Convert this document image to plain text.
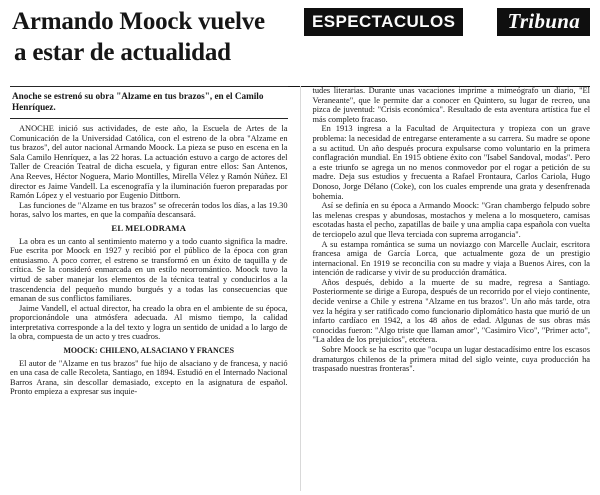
Armando Moock vuelve
a estar de actualidad
ESPECTACULOS	Tribuna

Anoche se estrenó su obra "Alzame en tus brazos", en el Camilo Henríquez.

ANOCHE inició sus actividades, de este año, la Escuela de Artes de la Comunicación de la Universidad Católica, con el estreno de la obra "Alzame en tus brazos", del autor nacional Armando Moock. La pieza se puso en escena en la Sala Camilo Henríquez, a las 22 horas. La actuación estuvo a cargo de actores del Taller de Creación Teatral de dicha escuela, y figuran entre ellos: San Antenos, Ana Reeves, Héctor Noguera, Mario Montilles, Mirella Vélez y Ramón Núñez. El director es Jaime Vandell. La escenografía y la iluminación fueron preparadas por Ramón López y el vestuario por Eugenio Dittborn.

Las funciones de "Alzame en tus brazos" se ofrecerán todos los días, a las 19.30 horas, salvo los martes, en que la compañía descansará.

EL MELODRAMA

La obra es un canto al sentimiento materno y a todo cuanto significa la madre. Fue escrita por Moock en 1927 y recibió por el público de la época con gran entusiasmo. A poco correr, el estreno se transformó en un éxito de taquilla y de crítica. Se la consideró enmarcada en un estilo neorromántico. Moock tuvo la virtud de saber manejar los elementos de la técnica teatral y conducirlos a la trascendencia del pequeño mundo burgués y a todas las consecuencias que emanan de sus conflictos familiares.

Jaime Vandell, el actual director, ha creado la obra en el ambiente de su época, proporcionándole una atmósfera adecuada. Al mismo tiempo, la calidad interpretativa corresponde a la del texto y logra un sentido de unidad a lo largo de la obra, compuesta de un acto y tres cuadros.

MOOCK: CHILENO, ALSACIANO Y FRANCES

El autor de "Alzame en tus brazos" fue hijo de alsaciano y de francesa, y nació en una casa de calle Recoleta, Santiago, en 1894. Estudió en el Internado Nacional Barros Arana, sin descollar demasiado, excepto en la asignatura de español. Pronto empieza a expresar sus inquie-

tudes literarias. Durante unas vacaciones imprime a mimeógrafo un diario, "El Veraneante", que le permite dar a conocer en Quintero, su lugar de recreo, una pizca de juventud: "Crisis económica". Resultado de esta aventura artística fue el más completo fracaso.

En 1913 ingresa a la Facultad de Arquitectura y tropieza con un grave problema: la necesidad de entregarse enteramente a su carrera. Su madre se opone a su actitud. Un año después procura expulsarse como voluntario en la primera conflagración mundial. En 1915 obtiene éxito con "Isabel Sandoval, modas". Pero a este triunfo se agrega un no menos conmovedor por el rogar a petición de su madre. Deja sus estudios y frecuenta a Rafael Frontaura, Carlos Cariola, Hugo Donoso, Jorge Délano (Coke), con los cuales emprende una grata y desenfrenada bohemia.

Así se definía en su época a Armando Moock: "Gran chambergo felpudo sobre las melenas crespas y abundosas, mostachos y melena a lo mosquetero, camisas escotadas hasta el pecho, zapatillas de baile y una amplia capa española con vuelta de terciopelo azul que lleva terciada con suprema arrogancia".

A su estampa romántica se suma un noviazgo con Marcelle Auclair, escritora francesa amiga de García Lorca, que actualmente goza de un prestigio internacional. En 1919 se reconcilia con su madre y viaja a Buenos Aires, con la intención de radicarse y vivir de su producción dramática.

Años después, debido a la muerte de su madre, regresa a Santiago. Posteriormente se dirige a Europa, después de un recorrido por el viejo continente, decide venirse a Chile y estrena "Alzame en tus brazos". Un año más tarde, otra vez la hégira y ser ratificado como funcionario diplomático hasta que murió de un infarto cardíaco en 1942, a los 48 años de edad. Algunas de sus obras más conocidas fueron: "Algo triste que llaman amor", "Casimiro Vico", "Primer acto", "La aldea de los prejuicios", etcétera.

Sobre Moock se ha escrito que "ocupa un lugar destacadísimo entre los escasos dramaturgos chilenos de la primera mitad del siglo veinte, cuya producción ha traspasado nuestras fronteras".
